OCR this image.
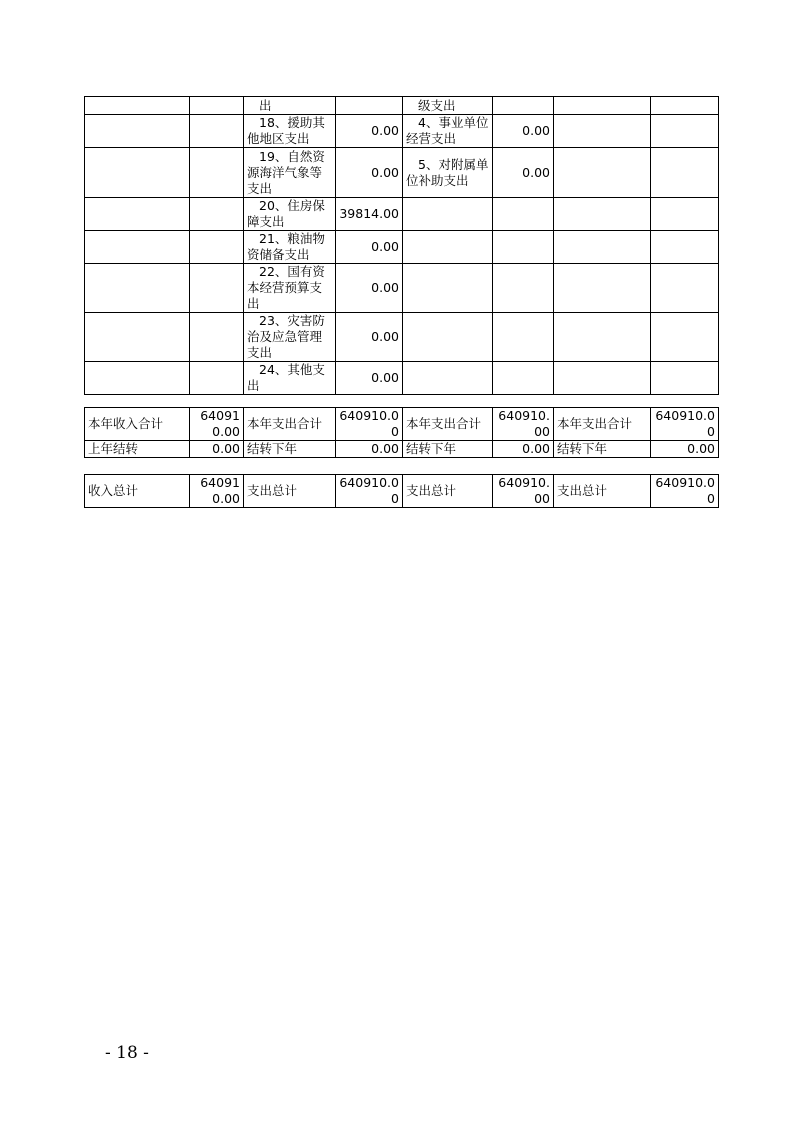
		出		级支出			
		18、援助其他地区支出	0.00	4、事业单位经营支出	0.00		
		19、自然资源海洋气象等支出	0.00	5、对附属单位补助支出	0.00		
		20、住房保障支出	39814.00				
		21、粮油物资储备支出	0.00				
		22、国有资本经营预算支出	0.00				
		23、灾害防治及应急管理支出	0.00				
		24、其他支出	0.00				
本年收入合计	640910.00	本年支出合计	640910.00	本年支出合计	640910.00	本年支出合计	640910.00
上年结转	0.00	结转下年	0.00	结转下年	0.00	结转下年	0.00
收入总计	640910.00	支出总计	640910.00	支出总计	640910.00	支出总计	640910.00
- 18 -
